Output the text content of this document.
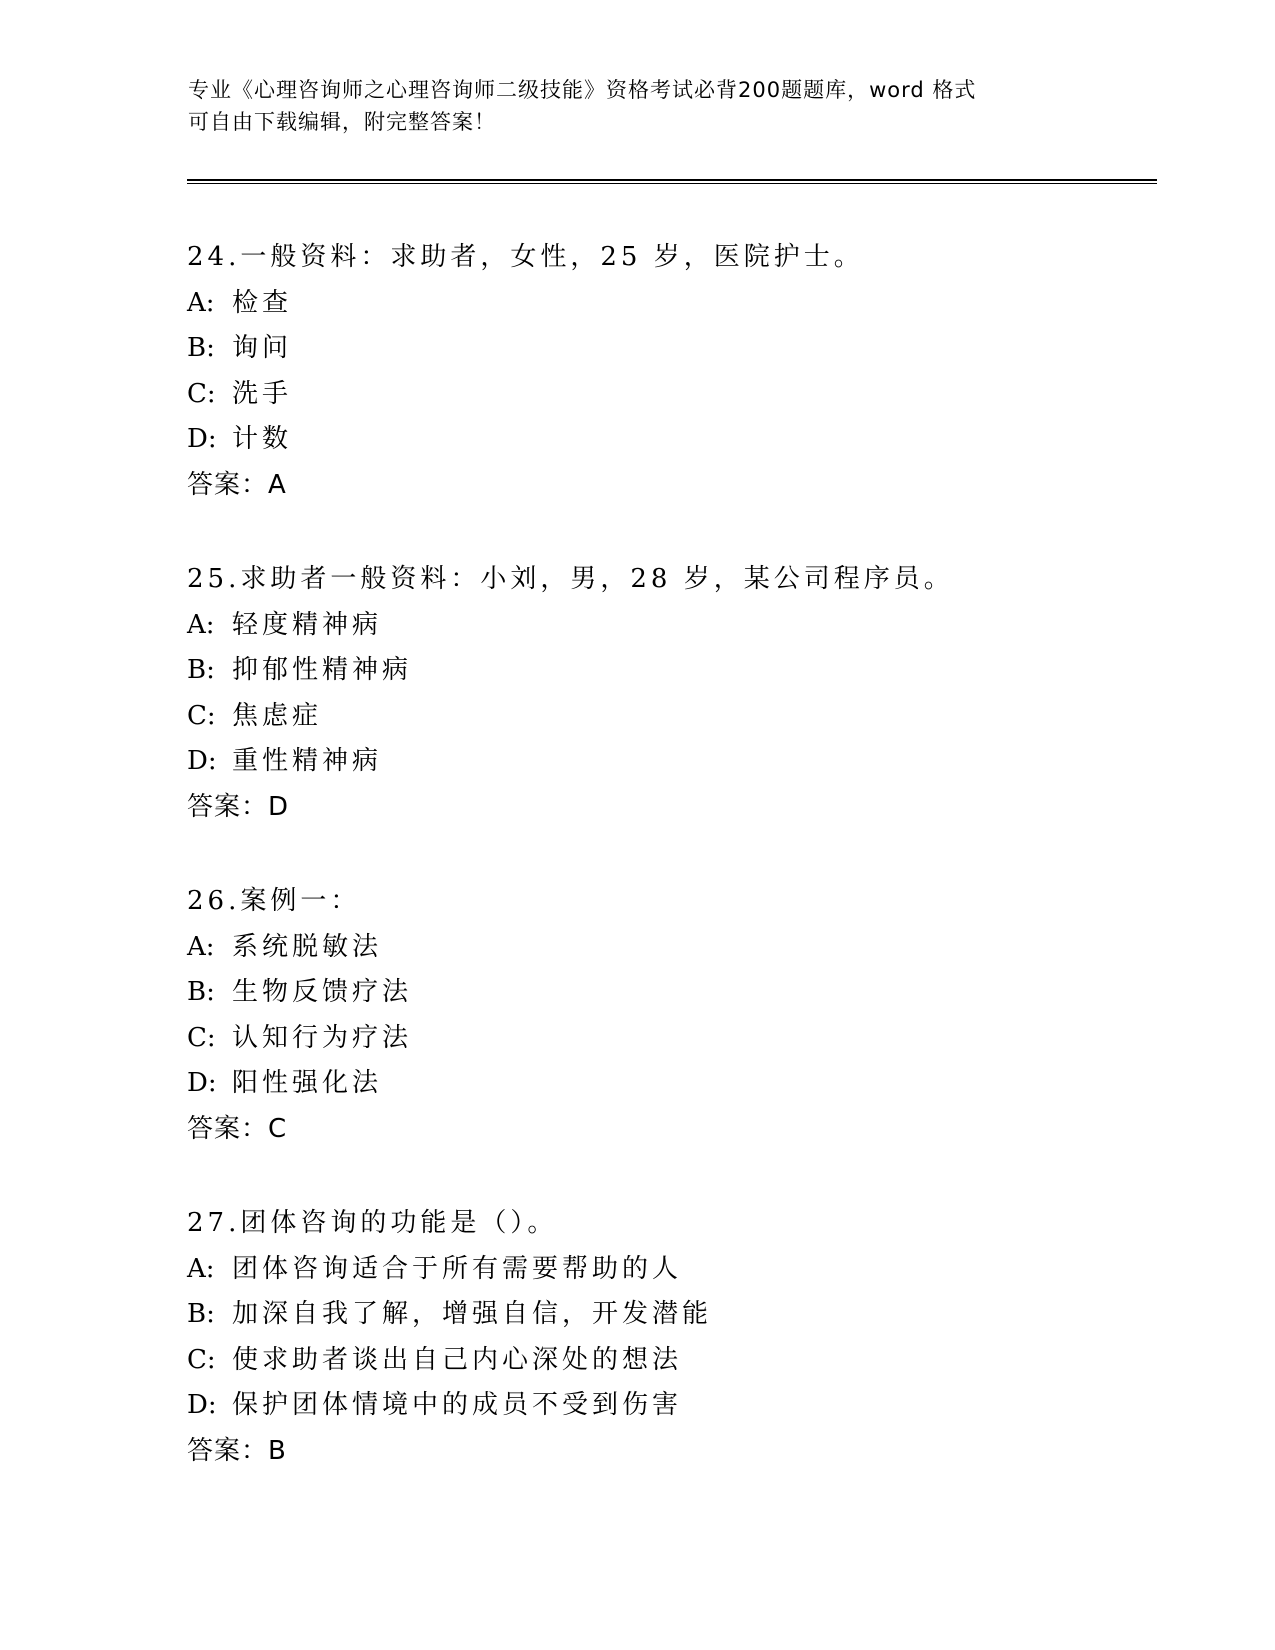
专业《心理咨询师之心理咨询师二级技能》资格考试必背200题题库，word 格式
可自由下载编辑，附完整答案！
24.一般资料：求助者，女性，25 岁，医院护士。
A: 检查
B: 询问
C: 洗手
D: 计数
答案：A
25.求助者一般资料：小刘，男，28 岁，某公司程序员。
A: 轻度精神病
B: 抑郁性精神病
C: 焦虑症
D: 重性精神病
答案：D
26.案例一：
A: 系统脱敏法
B: 生物反馈疗法
C: 认知行为疗法
D: 阳性强化法
答案：C
27.团体咨询的功能是（）。
A: 团体咨询适合于所有需要帮助的人
B: 加深自我了解，增强自信，开发潜能
C: 使求助者谈出自己内心深处的想法
D: 保护团体情境中的成员不受到伤害
答案：B
